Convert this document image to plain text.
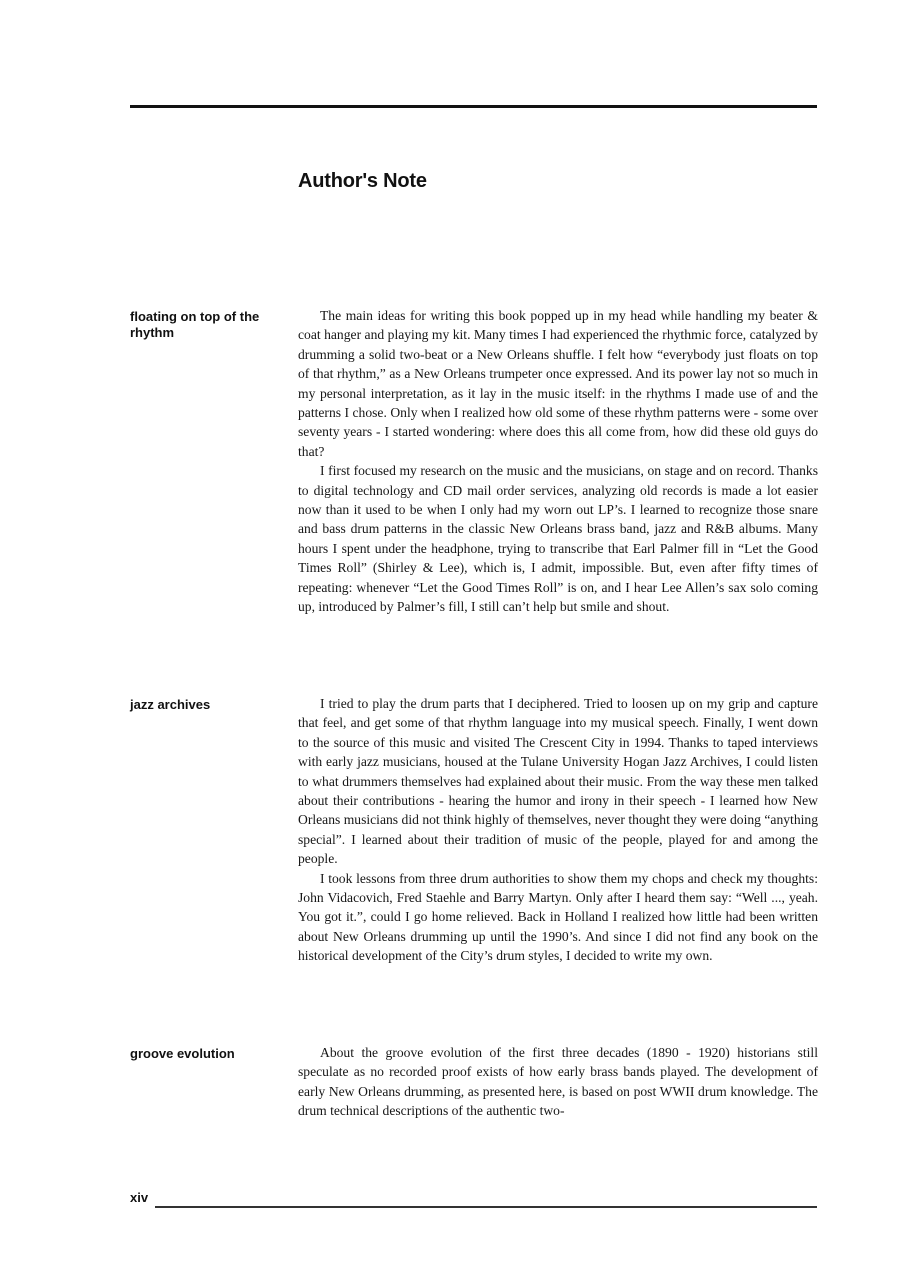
Author's Note
floating on top of the rhythm

The main ideas for writing this book popped up in my head while handling my beater & coat hanger and playing my kit. Many times I had experienced the rhythmic force, catalyzed by drumming a solid two-beat or a New Orleans shuffle. I felt how “everybody just floats on top of that rhythm,” as a New Orleans trumpeter once expressed. And its power lay not so much in my personal interpretation, as it lay in the music itself: in the rhythms I made use of and the patterns I chose. Only when I realized how old some of these rhythm patterns were - some over seventy years - I started wondering: where does this all come from, how did these old guys do that?

I first focused my research on the music and the musicians, on stage and on record. Thanks to digital technology and CD mail order services, analyzing old records is made a lot easier now than it used to be when I only had my worn out LP’s. I learned to recognize those snare and bass drum patterns in the classic New Orleans brass band, jazz and R&B albums. Many hours I spent under the headphone, trying to transcribe that Earl Palmer fill in “Let the Good Times Roll” (Shirley & Lee), which is, I admit, impossible. But, even after fifty times of repeating: whenever “Let the Good Times Roll” is on, and I hear Lee Allen’s sax solo coming up, introduced by Palmer’s fill, I still can’t help but smile and shout.

jazz archives	I tried to play the drum parts that I deciphered. Tried to loosen up on my grip and capture that feel, and get some of that rhythm language into my musical speech. Finally, I went down to the source of this music and visited The Crescent City in 1994. Thanks to taped interviews with early jazz musicians, housed at the Tulane University Hogan Jazz Archives, I could listen to what drummers themselves had explained about their music. From the way these men talked about their contributions - hearing the humor and irony in their speech - I learned how New Orleans musicians did not think highly of themselves, never thought they were doing “anything special”. I learned about their tradition of music of the people, played for and among the people.

I took lessons from three drum authorities to show them my chops and check my thoughts: John Vidacovich, Fred Staehle and Barry Martyn. Only after I heard them say: “Well ..., yeah. You got it.”, could I go home relieved. Back in Holland I realized how little had been written about New Orleans drumming up until the 1990’s. And since I did not find any book on the historical development of the City’s drum styles, I decided to write my own.

groove evolution	About the groove evolution of the first three decades (1890 - 1920) historians still speculate as no recorded proof exists of how early brass bands played. The development of early New Orleans drumming, as presented here, is based on post WWII drum knowledge. The drum technical descriptions of the authentic two-

xiv
